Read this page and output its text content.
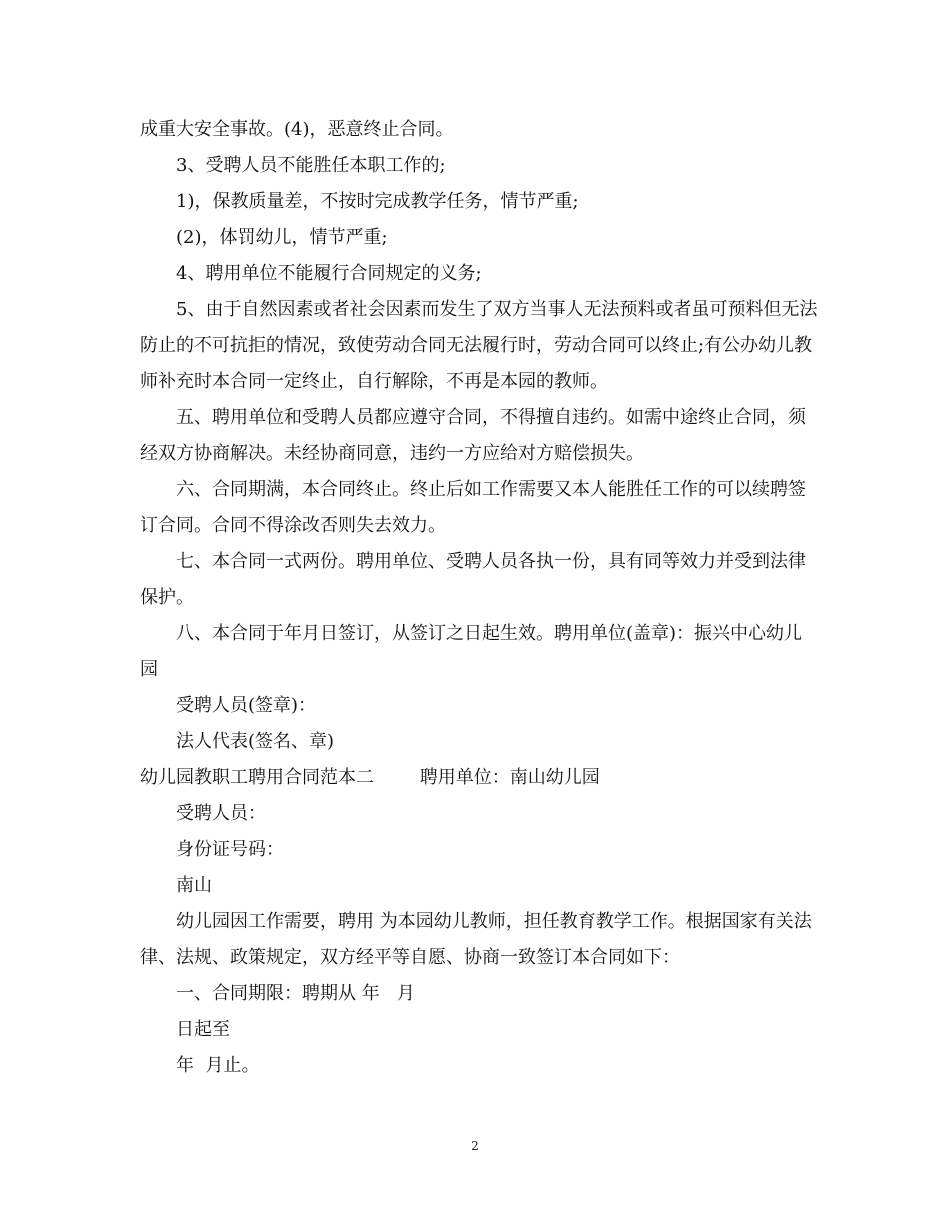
成重大安全事故。(4)，恶意终止合同。

3、受聘人员不能胜任本职工作的;

1)，保教质量差，不按时完成教学任务，情节严重;

(2)，体罚幼儿，情节严重;

4、聘用单位不能履行合同规定的义务;

5、由于自然因素或者社会因素而发生了双方当事人无法预料或者虽可预料但无法防止的不可抗拒的情况，致使劳动合同无法履行时，劳动合同可以终止;有公办幼儿教师补充时本合同一定终止，自行解除，不再是本园的教师。

五、聘用单位和受聘人员都应遵守合同，不得擅自违约。如需中途终止合同，须经双方协商解决。未经协商同意，违约一方应给对方赔偿损失。

六、合同期满，本合同终止。终止后如工作需要又本人能胜任工作的可以续聘签订合同。合同不得涂改否则失去效力。

七、本合同一式两份。聘用单位、受聘人员各执一份，具有同等效力并受到法律保护。

八、本合同于年月日签订，从签订之日起生效。聘用单位(盖章)：振兴中心幼儿园

受聘人员(签章)：

法人代表(签名、章)

幼儿园教职工聘用合同范本二        聘用单位：南山幼儿园

受聘人员：

身份证号码：

南山

幼儿园因工作需要，聘用 为本园幼儿教师，担任教育教学工作。根据国家有关法律、法规、政策规定，双方经平等自愿、协商一致签订本合同如下：

一、合同期限：聘期从 年   月

日起至

年  月止。

2
